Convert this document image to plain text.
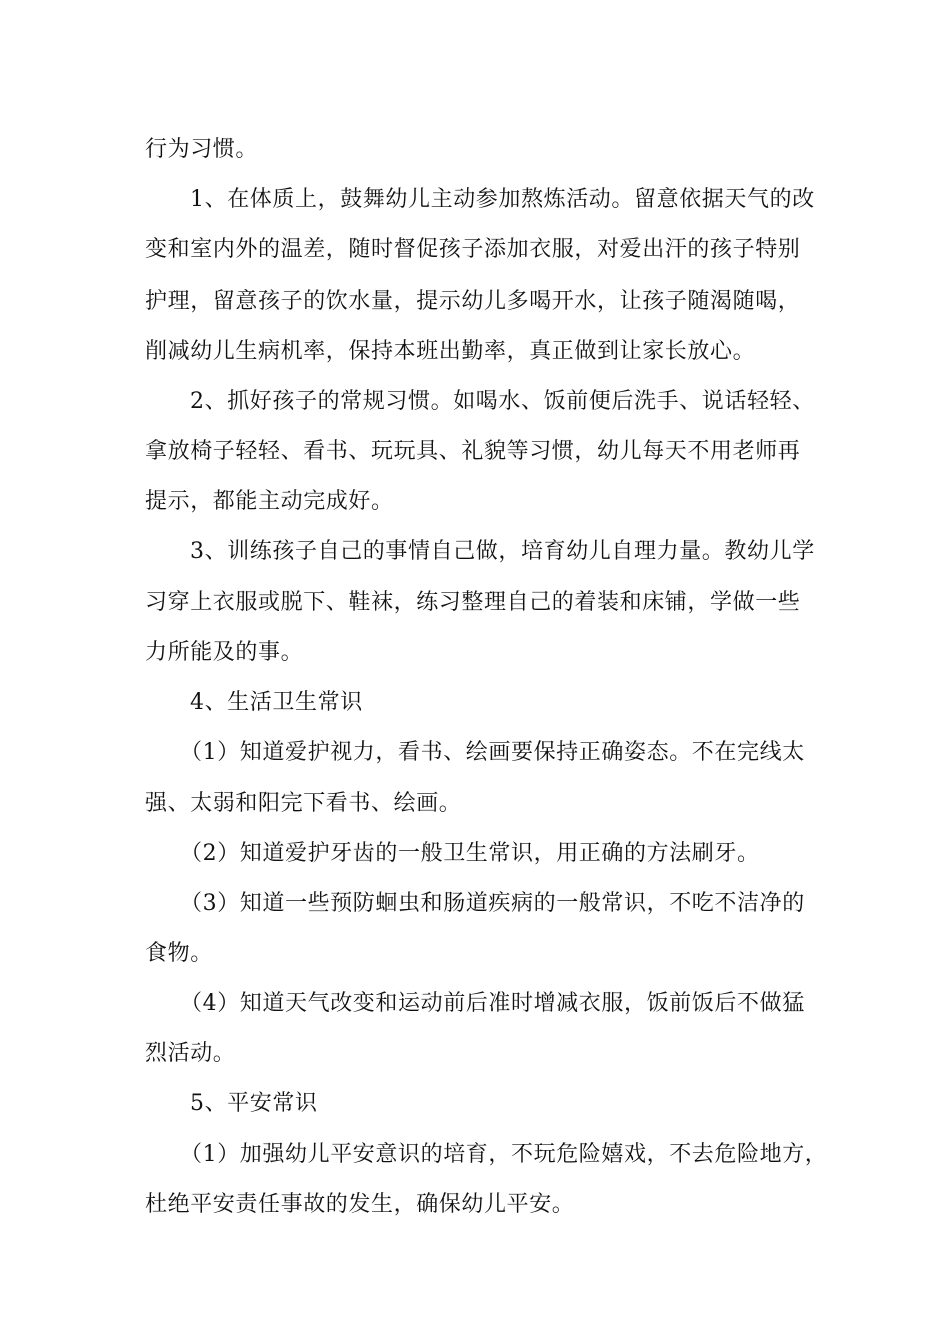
行为习惯。
1、在体质上，鼓舞幼儿主动参加熬炼活动。留意依据天气的改
变和室内外的温差，随时督促孩子添加衣服，对爱出汗的孩子特别
护理，留意孩子的饮水量，提示幼儿多喝开水，让孩子随渴随喝，
削减幼儿生病机率，保持本班出勤率，真正做到让家长放心。
2、抓好孩子的常规习惯。如喝水、饭前便后洗手、说话轻轻、
拿放椅子轻轻、看书、玩玩具、礼貌等习惯，幼儿每天不用老师再
提示，都能主动完成好。
3、训练孩子自己的事情自己做，培育幼儿自理力量。教幼儿学
习穿上衣服或脱下、鞋袜，练习整理自己的着装和床铺，学做一些
力所能及的事。
4、生活卫生常识
（1）知道爱护视力，看书、绘画要保持正确姿态。不在完线太
强、太弱和阳完下看书、绘画。
（2）知道爱护牙齿的一般卫生常识，用正确的方法刷牙。
（3）知道一些预防蛔虫和肠道疾病的一般常识，不吃不洁净的
食物。
（4）知道天气改变和运动前后准时增减衣服，饭前饭后不做猛
烈活动。
5、平安常识
（1）加强幼儿平安意识的培育，不玩危险嬉戏，不去危险地方，
杜绝平安责任事故的发生，确保幼儿平安。
